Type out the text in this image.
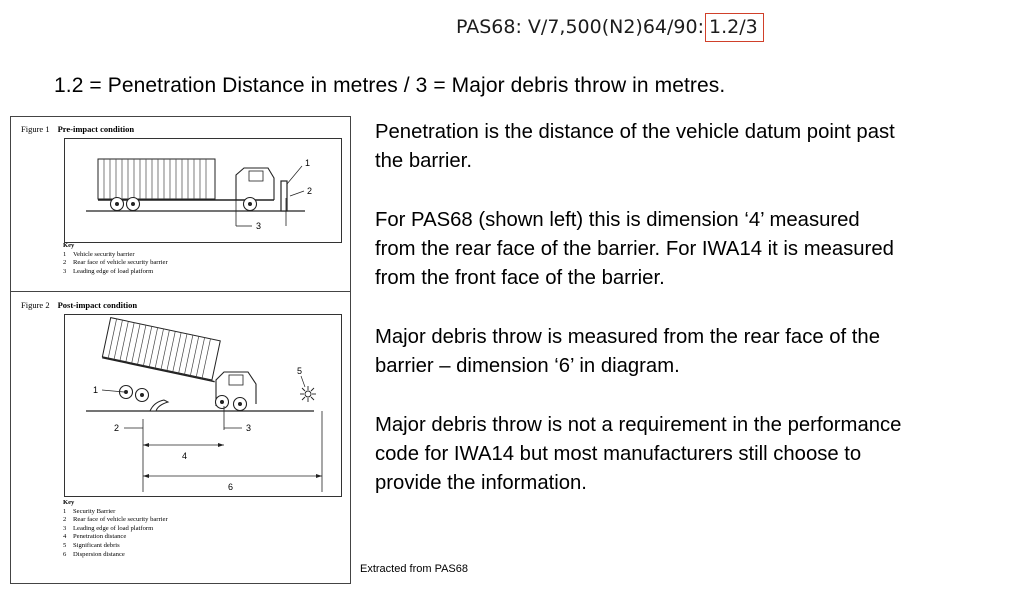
PAS68: V/7,500(N2)64/90: 1.2/3
1.2 = Penetration Distance in metres / 3 = Major debris throw in metres.
Penetration is the distance of the vehicle datum point past
the barrier.
For PAS68 (shown left) this is dimension ‘4’ measured
from the rear face of the barrier. For IWA14 it is measured
from the front face of the barrier.
Major debris throw is measured from the rear face of the
barrier – dimension ‘6’ in diagram.
Major debris throw is not a requirement in the performance
code for IWA14 but most manufacturers still choose to
provide the information.
Extracted from PAS68
Figure 1 Pre-impact condition
1
2
3
Key
1 Vehicle security barrier
2 Rear face of vehicle security barrier
3 Leading edge of load platform
Figure 2 Post-impact condition
1
2	3
4
5
6
Key
1 Security Barrier
2 Rear face of vehicle security barrier
3 Leading edge of load platform
4 Penetration distance
5 Significant debris
6 Dispersion distance
